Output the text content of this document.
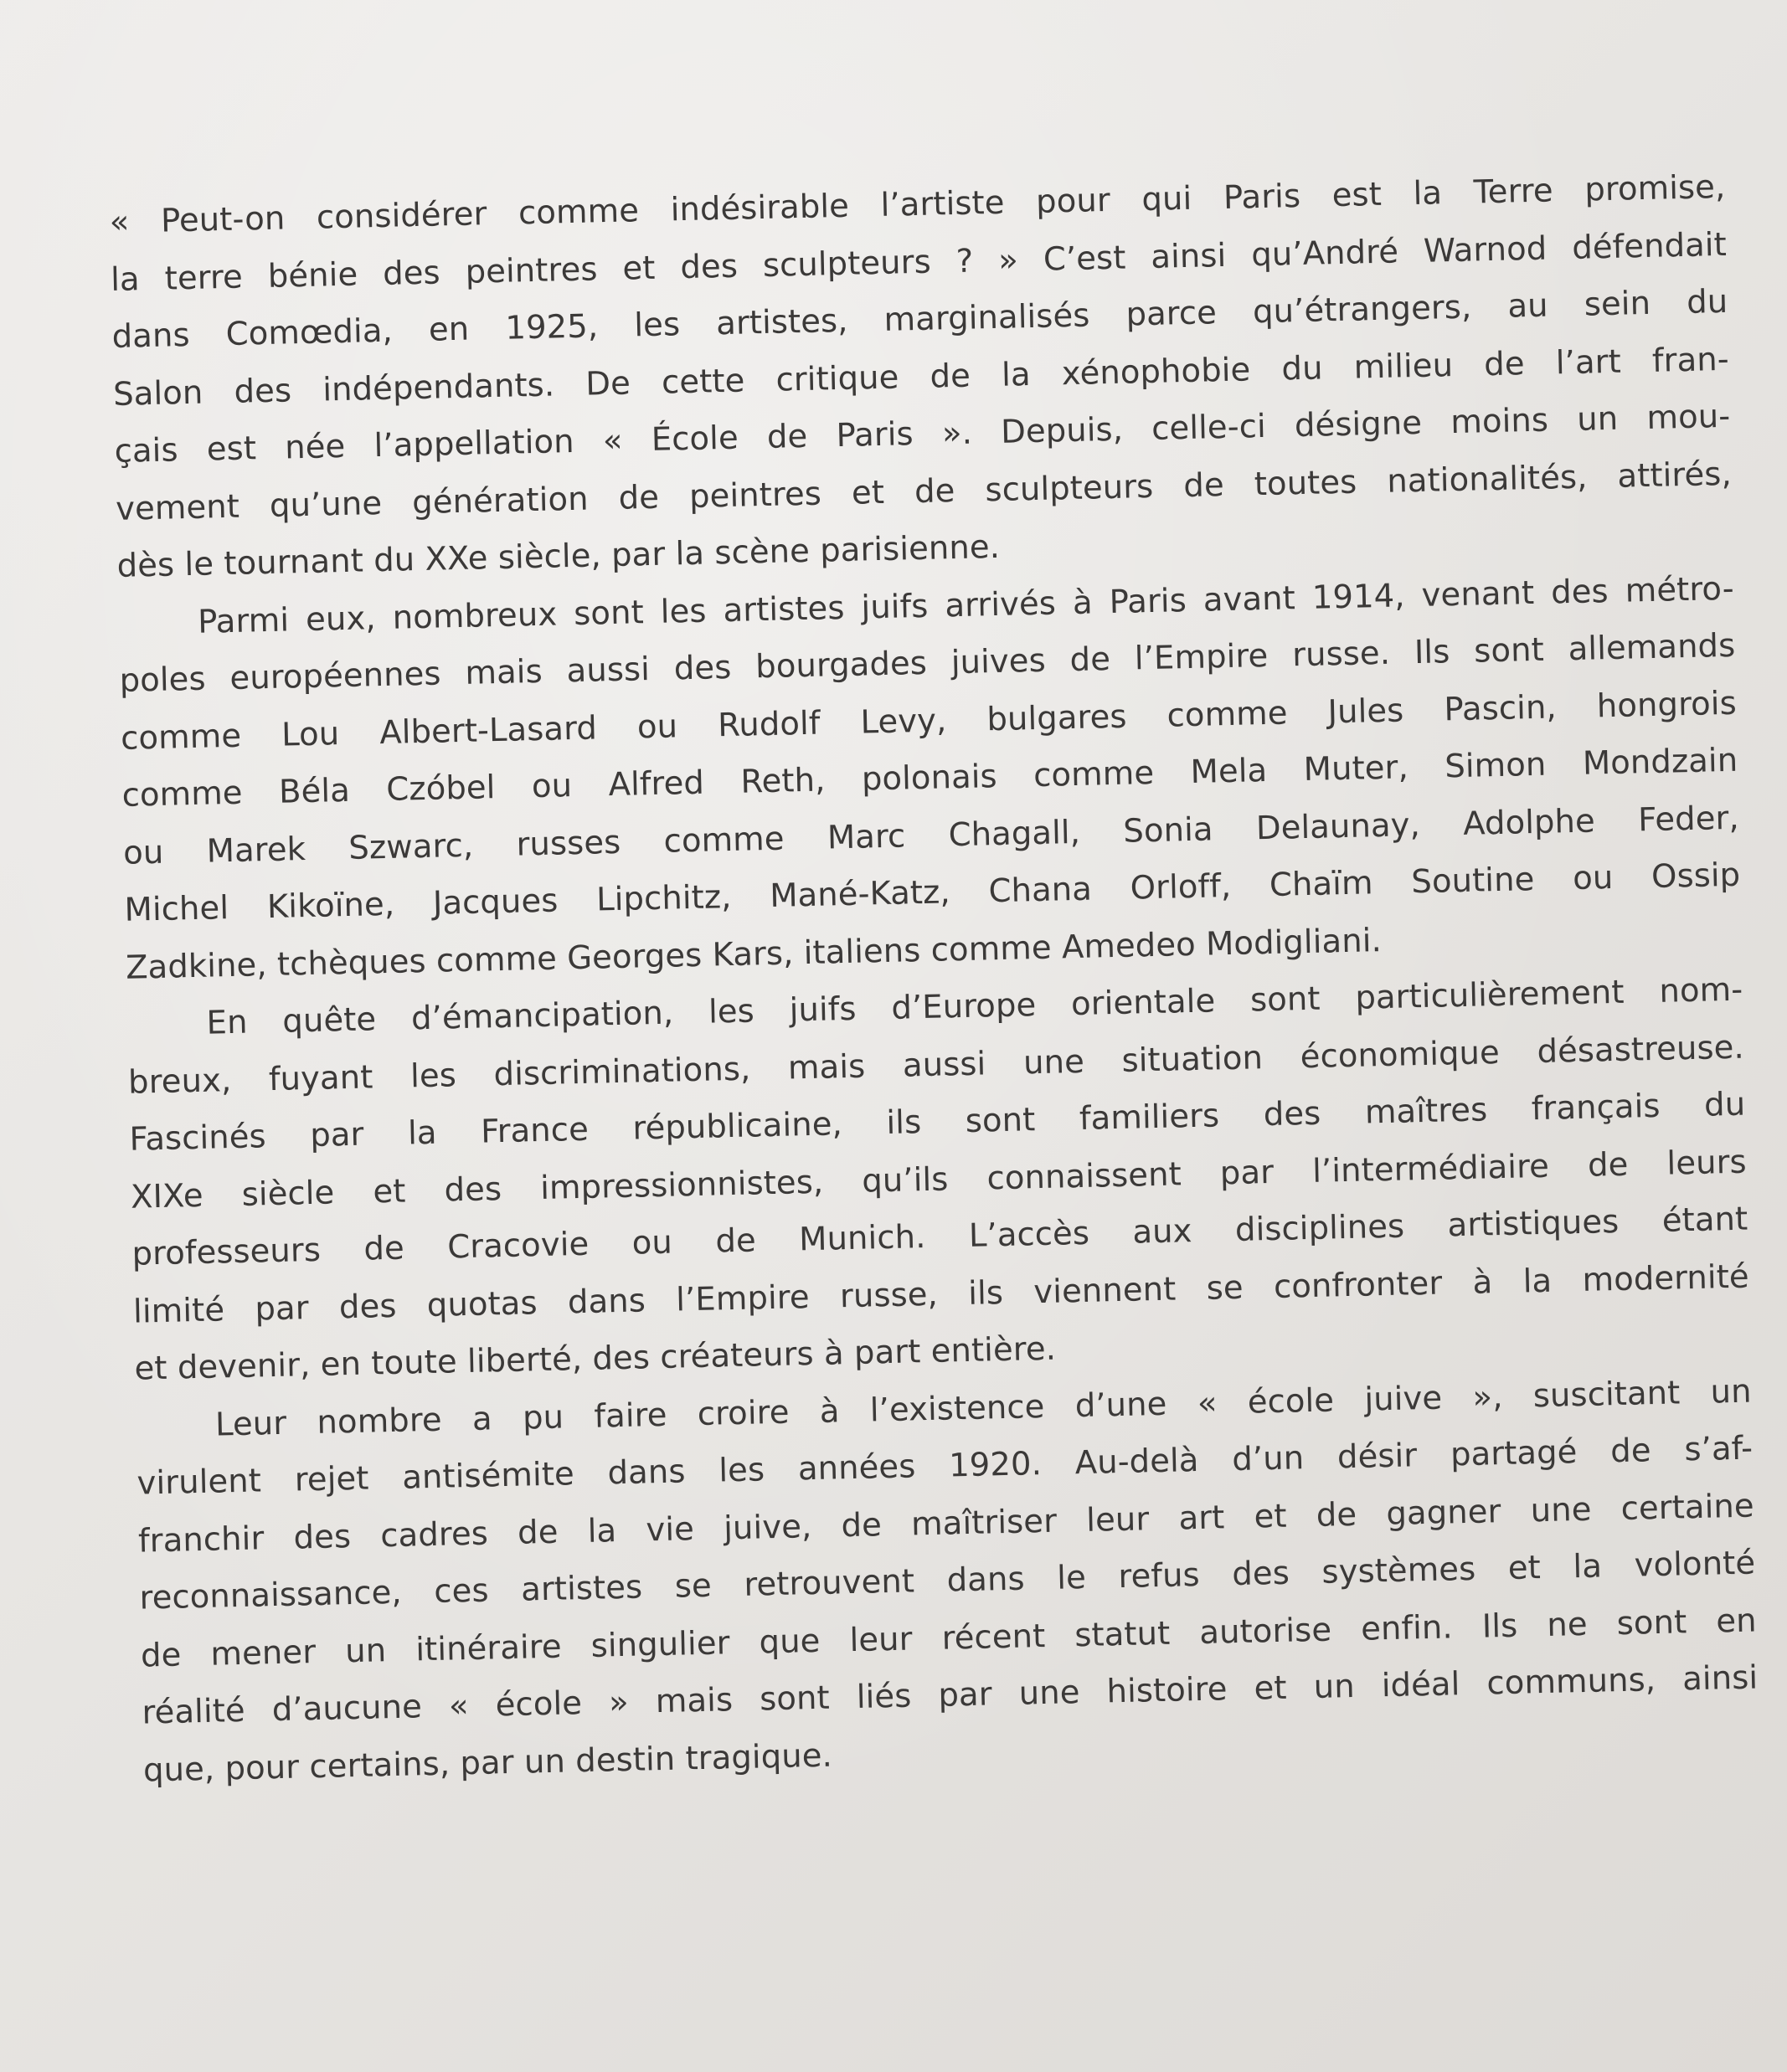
« Peut-on considérer comme indésirable l’artiste pour qui Paris est la Terre promise,
la terre bénie des peintres et des sculpteurs ? » C’est ainsi qu’André Warnod défendait
dans Comœdia, en 1925, les artistes, marginalisés parce qu’étrangers, au sein du
Salon des indépendants. De cette critique de la xénophobie du milieu de l’art fran-
çais est née l’appellation « École de Paris ». Depuis, celle-ci désigne moins un mou-
vement qu’une génération de peintres et de sculpteurs de toutes nationalités, attirés,
dès le tournant du XXe siècle, par la scène parisienne.
Parmi eux, nombreux sont les artistes juifs arrivés à Paris avant 1914, venant des métro-
poles européennes mais aussi des bourgades juives de l’Empire russe. Ils sont allemands
comme Lou Albert-Lasard ou Rudolf Levy, bulgares comme Jules Pascin, hongrois
comme Béla Czóbel ou Alfred Reth, polonais comme Mela Muter, Simon Mondzain
ou Marek Szwarc, russes comme Marc Chagall, Sonia Delaunay, Adolphe Feder,
Michel Kikoïne, Jacques Lipchitz, Mané-Katz, Chana Orloff, Chaïm Soutine ou Ossip
Zadkine, tchèques comme Georges Kars, italiens comme Amedeo Modigliani.
En quête d’émancipation, les juifs d’Europe orientale sont particulièrement nom-
breux, fuyant les discriminations, mais aussi une situation économique désastreuse.
Fascinés par la France républicaine, ils sont familiers des maîtres français du
XIXe siècle et des impressionnistes, qu’ils connaissent par l’intermédiaire de leurs
professeurs de Cracovie ou de Munich. L’accès aux disciplines artistiques étant
limité par des quotas dans l’Empire russe, ils viennent se confronter à la modernité
et devenir, en toute liberté, des créateurs à part entière.
Leur nombre a pu faire croire à l’existence d’une « école juive », suscitant un
virulent rejet antisémite dans les années 1920. Au-delà d’un désir partagé de s’af-
franchir des cadres de la vie juive, de maîtriser leur art et de gagner une certaine
reconnaissance, ces artistes se retrouvent dans le refus des systèmes et la volonté
de mener un itinéraire singulier que leur récent statut autorise enfin. Ils ne sont en
réalité d’aucune « école » mais sont liés par une histoire et un idéal communs, ainsi
que, pour certains, par un destin tragique.
